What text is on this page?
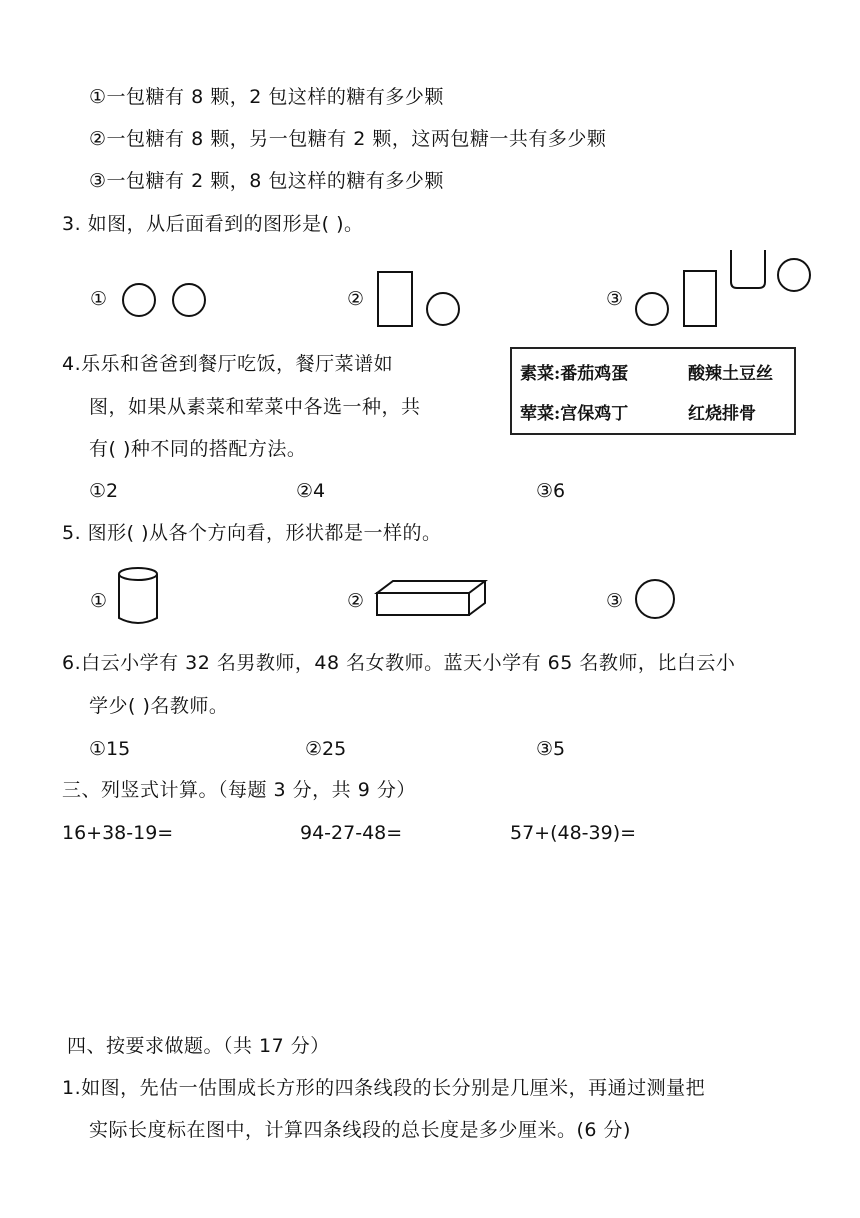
①一包糖有 8 颗，2 包这样的糖有多少颗
②一包糖有 8 颗，另一包糖有 2 颗，这两包糖一共有多少颗
③一包糖有 2 颗，8 包这样的糖有多少颗
3. 如图，从后面看到的图形是( )。
①	②	③
4.乐乐和爸爸到餐厅吃饭，餐厅菜谱如
图，如果从素菜和荤菜中各选一种，共
有( )种不同的搭配方法。
素菜:番茄鸡蛋	酸辣土豆丝
荤菜:宫保鸡丁	红烧排骨
①2	②4	③6
5. 图形( )从各个方向看，形状都是一样的。
①	②	③
6.白云小学有 32 名男教师，48 名女教师。蓝天小学有 65 名教师，比白云小
学少( )名教师。
①15	②25	③5
三、列竖式计算。（每题 3 分，共 9 分）
16+38-19=	94-27-48=	57+(48-39)=
四、按要求做题。（共 17 分）
1.如图，先估一估围成长方形的四条线段的长分别是几厘米，再通过测量把
实际长度标在图中，计算四条线段的总长度是多少厘米。(6 分)
